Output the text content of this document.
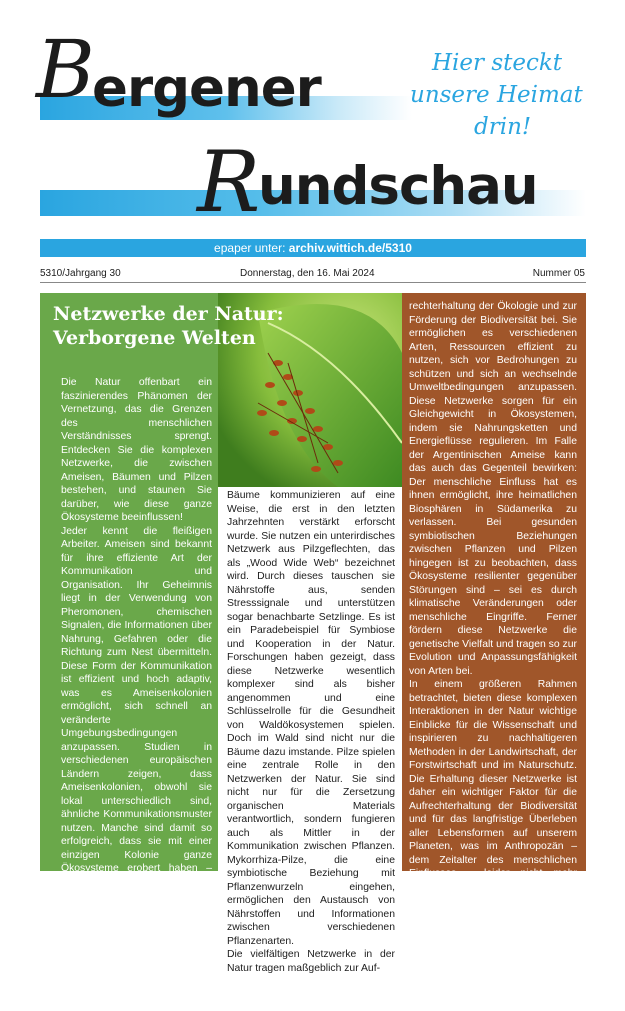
B
ergener
R
undschau
Hier steckt
unsere Heimat
drin!
epaper unter: archiv.wittich.de/5310
5310/Jahrgang 30	Donnerstag, den 16. Mai 2024	Nummer 05
Netzwerke der Natur:
Verborgene Welten

Die Natur offenbart ein faszinierendes Phänomen der Vernetzung, das die Grenzen des menschlichen Verständnisses sprengt. Entdecken Sie die komplexen Netzwerke, die zwischen Ameisen, Bäumen und Pilzen bestehen, und staunen Sie darüber, wie diese ganze Ökosysteme beeinflussen!

Jeder kennt die fleißigen Arbeiter. Ameisen sind bekannt für ihre effiziente Art der Kommunikation und Organisation. Ihr Geheimnis liegt in der Verwendung von Pheromonen, chemischen Signalen, die Informationen über Nahrung, Gefahren oder die Richtung zum Nest übermitteln. Diese Form der Kommunikation ist effizient und hoch adaptiv, was es Ameisenkolonien ermöglicht, sich schnell an veränderte Umgebungsbedingungen anzupassen. Studien in verschiedenen europäischen Ländern zeigen, dass Ameisenkolonien, obwohl sie lokal unterschiedlich sind, ähnliche Kommunikationsmuster nutzen. Manche sind damit so erfolgreich, dass sie mit einer einzigen Kolonie ganze Ökosysteme erobert haben – wie Linepithema humile beweist, die invasive Argentinische Ameise. Sie hat sich, auch durch menschliche Hilfe, mit einer etablierten Kolonie seit 2007 von Galicien bis Italien über 6000 Kilometer ausgebreitet.

Im Wald gibt es derweil Effekte, die lokaler zum Tragen kommen.

Bäume kommunizieren auf eine Weise, die erst in den letzten Jahrzehnten verstärkt erforscht wurde. Sie nutzen ein unterirdisches Netzwerk aus Pilzgeflechten, das als „Wood Wide Web“ bezeichnet wird. Durch dieses tauschen sie Nährstoffe aus, senden Stresssignale und unterstützen sogar benachbarte Setzlinge. Es ist ein Paradebeispiel für Symbiose und Kooperation in der Natur. Forschungen haben gezeigt, dass diese Netzwerke wesentlich komplexer sind als bisher angenommen und eine Schlüsselrolle für die Gesundheit von Waldökosystemen spielen. Doch im Wald sind nicht nur die Bäume dazu imstande. Pilze spielen eine zentrale Rolle in den Netzwerken der Natur. Sie sind nicht nur für die Zersetzung organischen Materials verantwortlich, sondern fungieren auch als Mittler in der Kommunikation zwischen Pflanzen. Mykorrhiza-Pilze, die eine symbiotische Beziehung mit Pflanzenwurzeln eingehen, ermöglichen den Austausch von Nährstoffen und Informationen zwischen verschiedenen Pflanzenarten.

Die vielfältigen Netzwerke in der Natur tragen maßgeblich zur Auf-

rechterhaltung der Ökologie und zur Förderung der Biodiversität bei. Sie ermöglichen es verschiedenen Arten, Ressourcen effizient zu nutzen, sich vor Bedrohungen zu schützen und sich an wechselnde Umweltbedingungen anzupassen. Diese Netzwerke sorgen für ein Gleichgewicht in Ökosystemen, indem sie Nahrungsketten und Energieflüsse regulieren. Im Falle der Argentinischen Ameise kann das auch das Gegenteil bewirken: Der menschliche Einfluss hat es ihnen ermöglicht, ihre heimatlichen Biosphären in Südamerika zu verlassen. Bei gesunden symbiotischen Beziehungen zwischen Pflanzen und Pilzen hingegen ist zu beobachten, dass Ökosysteme resilienter gegenüber Störungen sind – sei es durch klimatische Veränderungen oder menschliche Eingriffe. Ferner fördern diese Netzwerke die genetische Vielfalt und tragen so zur Evolution und Anpassungsfähigkeit von Arten bei.

In einem größeren Rahmen betrachtet, bieten diese komplexen Interaktionen in der Natur wichtige Einblicke für die Wissenschaft und inspirieren zu nachhaltigeren Methoden in der Landwirtschaft, der Forstwirtschaft und im Naturschutz. Die Erhaltung dieser Netzwerke ist daher ein wichtiger Faktor für die Aufrechterhaltung der Biodiversität und für das langfristige Überleben aller Lebensformen auf unserem Planeten, was im Anthropozän – dem Zeitalter des menschlichen Einflusses – leider nicht mehr selbstverständlich ist. Striegel/DEIKE
